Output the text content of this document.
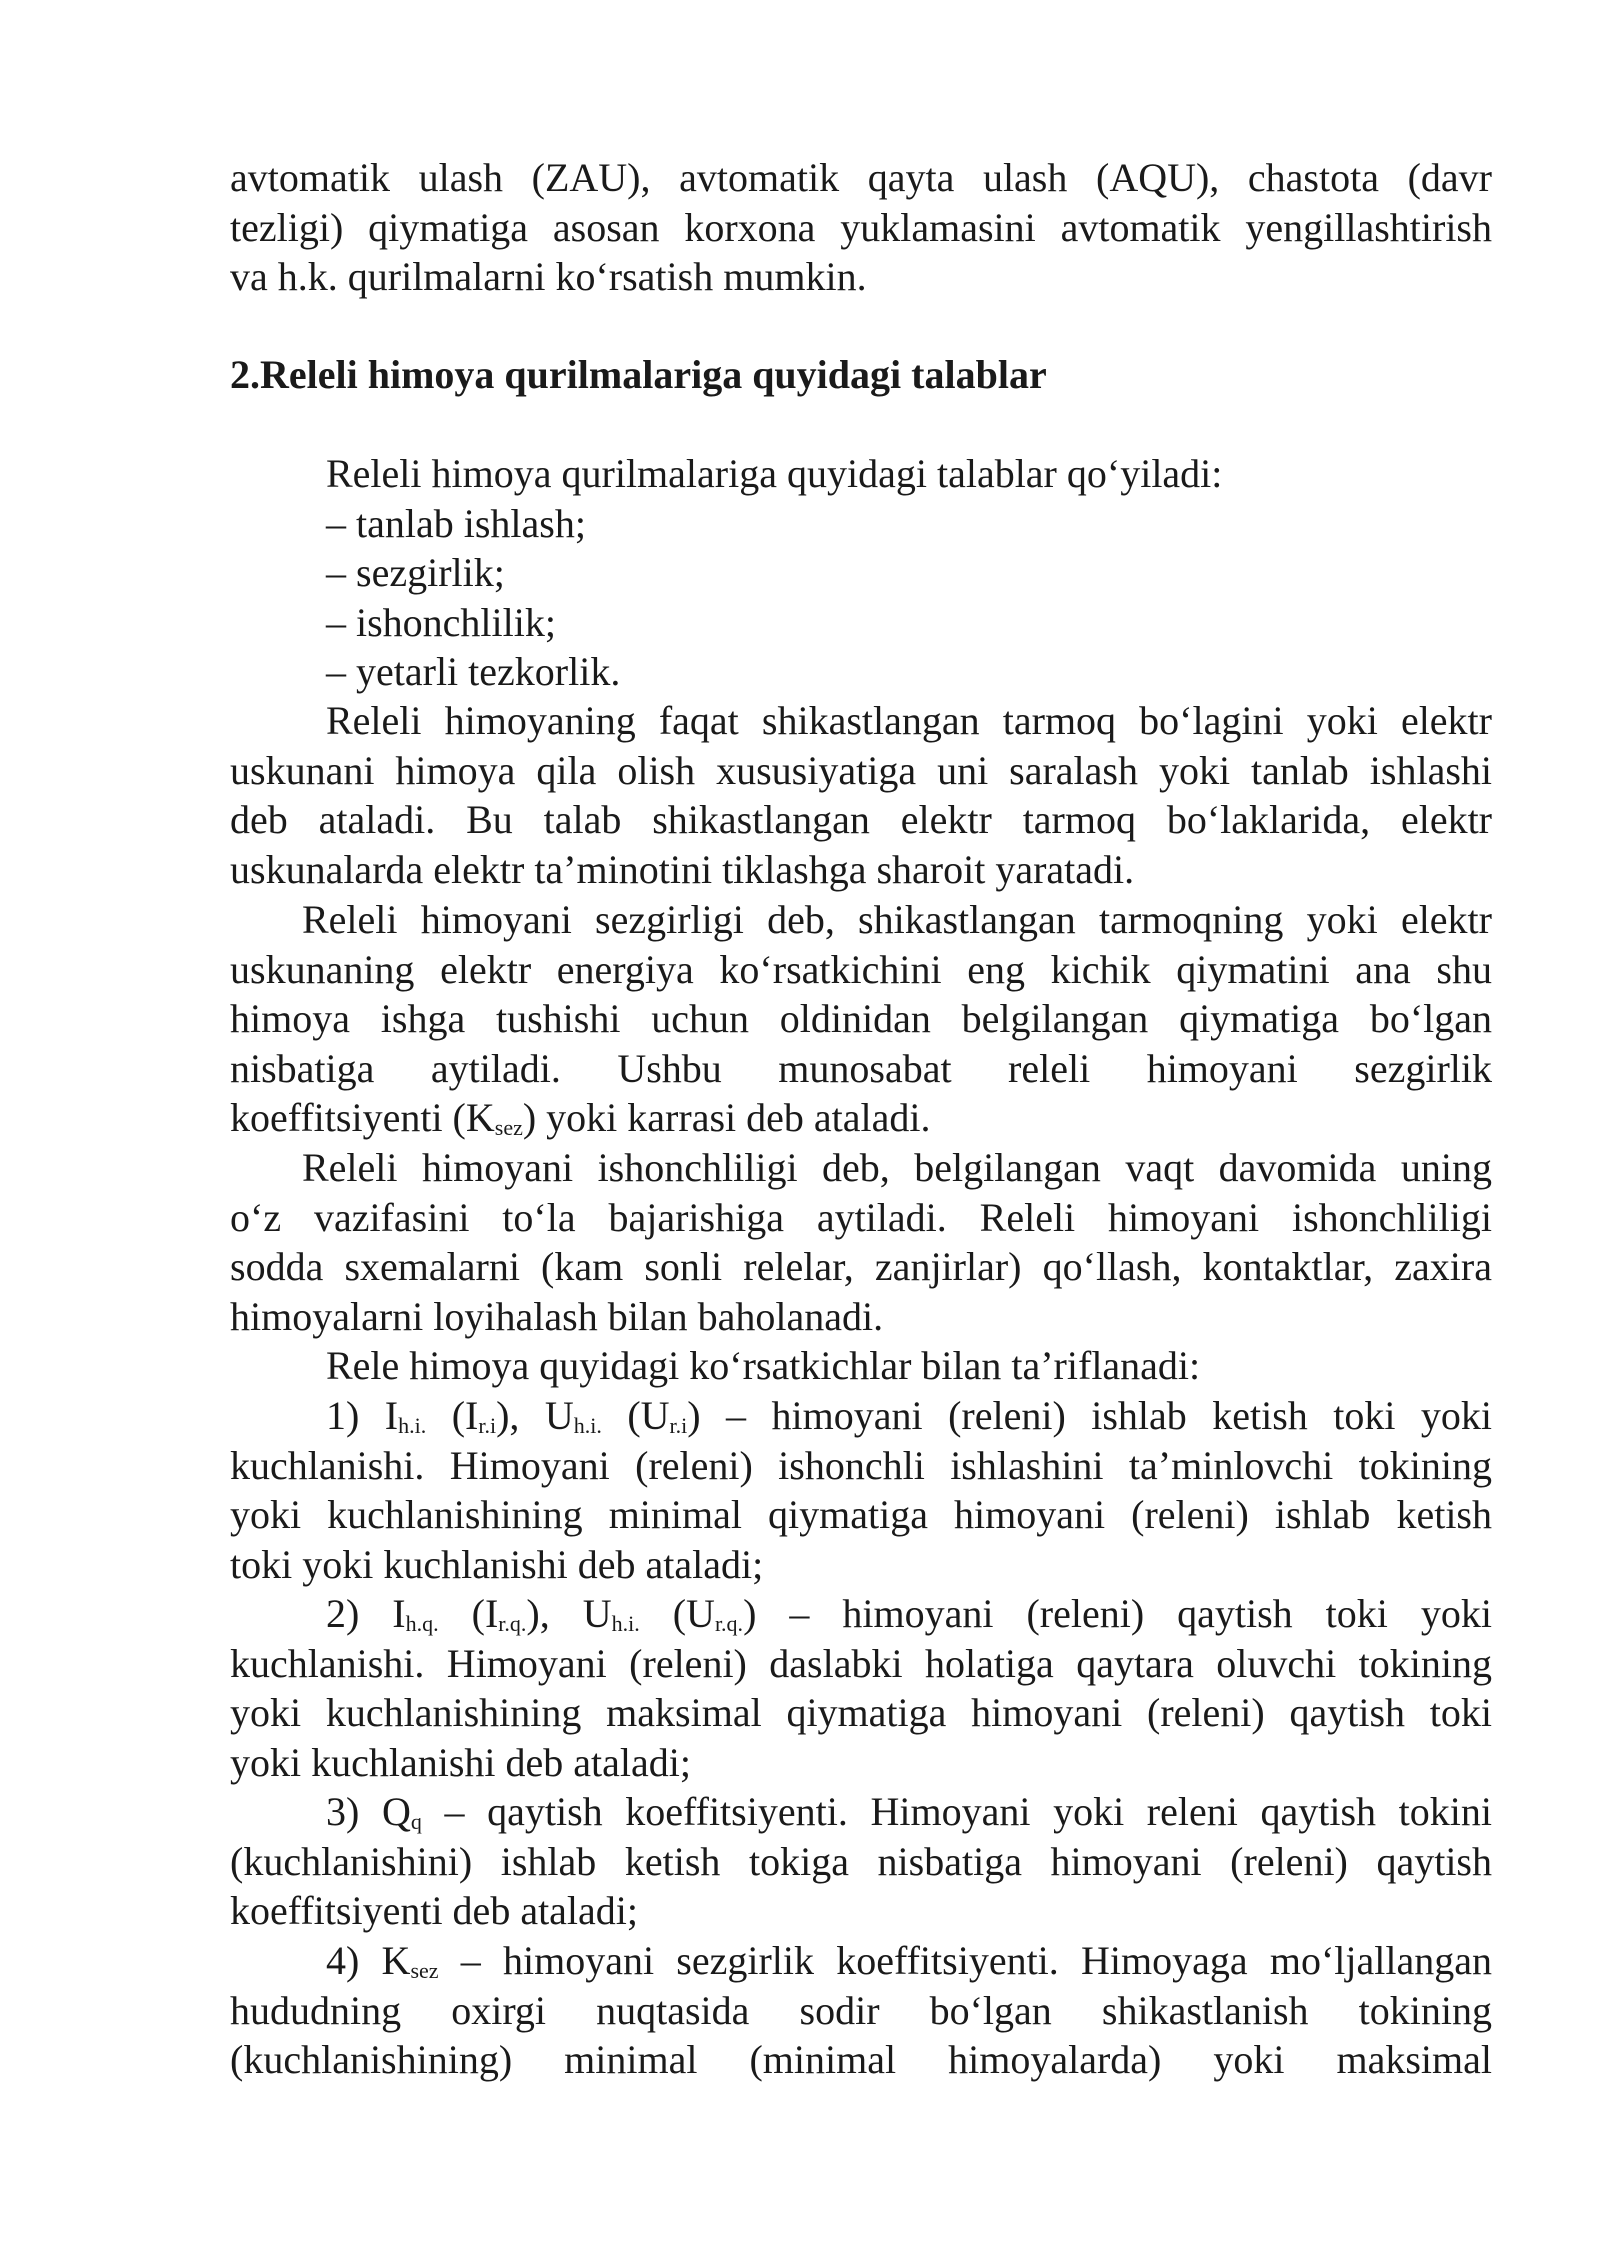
avtomatik ulash (ZAU), avtomatik qayta ulash (AQU), chastota (davr
tezligi) qiymatiga asosan korxona yuklamasini avtomatik yengillashtirish
va h.k. qurilmalarni ko‘rsatish mumkin.
2.Releli himoya qurilmalariga quyidagi talablar
Releli himoya qurilmalariga quyidagi talablar qo‘yiladi:
– tanlab ishlash;
– sezgirlik;
– ishonchlilik;
– yetarli tezkorlik.
Releli himoyaning faqat shikastlangan tarmoq bo‘lagini yoki elektr
uskunani himoya qila olish xususiyatiga uni saralash yoki tanlab ishlashi
deb ataladi. Bu talab shikastlangan elektr tarmoq bo‘laklarida, elektr
uskunalarda elektr ta’minotini tiklashga sharoit yaratadi.
Releli himoyani sezgirligi deb, shikastlangan tarmoqning yoki elektr
uskunaning elektr energiya ko‘rsatkichini eng kichik qiymatini ana shu
himoya ishga tushishi uchun oldinidan belgilangan qiymatiga bo‘lgan
nisbatiga aytiladi. Ushbu munosabat releli himoyani sezgirlik
koeffitsiyenti $(K_{sez})$ yoki karrasi deb ataladi.
Releli himoyani ishonchliligi deb, belgilangan vaqt davomida uning
o‘z vazifasini to‘la bajarishiga aytiladi. Releli himoyani ishonchliligi
sodda sxemalarni (kam sonli relelar, zanjirlar) qo‘llash, kontaktlar, zaxira
himoyalarni loyihalash bilan baholanadi.
Rele himoya quyidagi ko‘rsatkichlar bilan ta’riflanadi:
1) $I_{h.i.}$ $(I_{r.i})$, $U_{h.i.}$ $(U_{r.i})$ – himoyani (releni) ishlab ketish toki yoki
kuchlanishi. Himoyani (releni) ishonchli ishlashini ta’minlovchi tokining
yoki kuchlanishining minimal qiymatiga himoyani (releni) ishlab ketish
toki yoki kuchlanishi deb ataladi;
2) $I_{h.q.}$ $(I_{r.q.})$, $U_{h.i.}$ $(U_{r.q.})$ – himoyani (releni) qaytish toki yoki
kuchlanishi. Himoyani (releni) daslabki holatiga qaytara oluvchi tokining
yoki kuchlanishining maksimal qiymatiga himoyani (releni) qaytish toki
yoki kuchlanishi deb ataladi;
3) $Q_q$ – qaytish koeffitsiyenti. Himoyani yoki releni qaytish tokini
(kuchlanishini) ishlab ketish tokiga nisbatiga himoyani (releni) qaytish
koeffitsiyenti deb ataladi;
4) $K_{sez}$ – himoyani sezgirlik koeffitsiyenti. Himoyaga mo‘ljallangan
hududning oxirgi nuqtasida sodir bo‘lgan shikastlanish tokining
(kuchlanishining) minimal (minimal himoyalarda) yoki maksimal
